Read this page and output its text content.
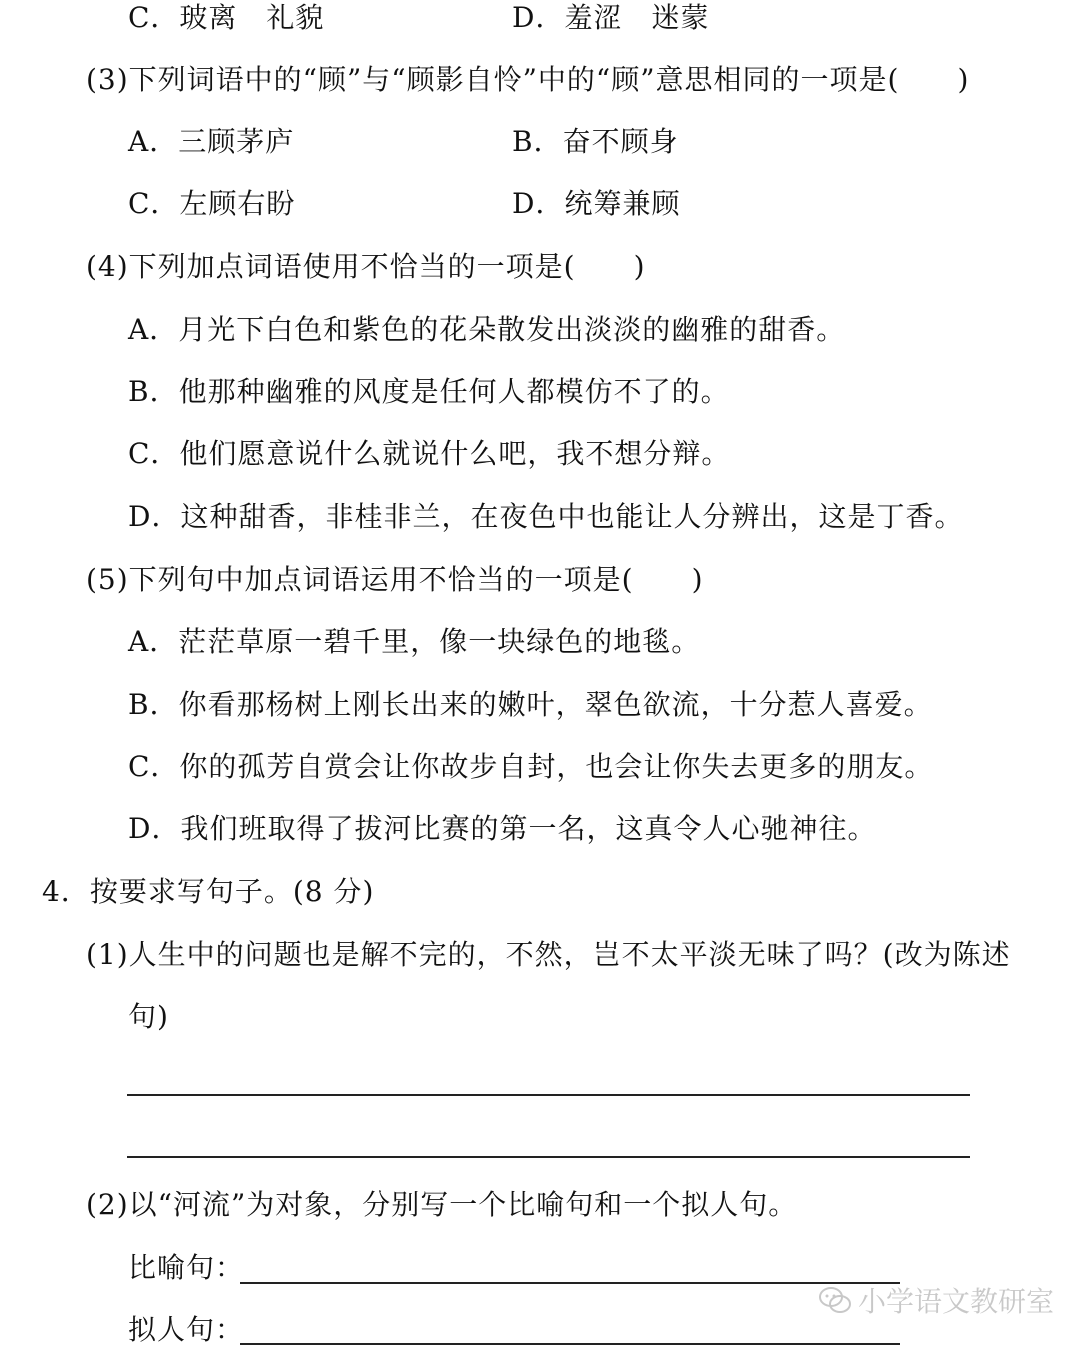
C．玻离　礼貌	D．羞涩　迷蒙
(3)下列词语中的“顾”与“顾影自怜”中的“顾”意思相同的一项是(　　)
A．三顾茅庐	B．奋不顾身
C．左顾右盼	D．统筹兼顾
(4)下列加点词语使用不恰当的一项是(　　)
A．月光下白色和紫色的花朵散发出淡淡的幽雅的甜香。
B．他那种幽雅的风度是任何人都模仿不了的。
C．他们愿意说什么就说什么吧，我不想分辩。
D．这种甜香，非桂非兰，在夜色中也能让人分辨出，这是丁香。
(5)下列句中加点词语运用不恰当的一项是(　　)
A．茫茫草原一碧千里，像一块绿色的地毯。
B．你看那杨树上刚长出来的嫩叶，翠色欲流，十分惹人喜爱。
C．你的孤芳自赏会让你故步自封，也会让你失去更多的朋友。
D．我们班取得了拔河比赛的第一名，这真令人心驰神往。
4．按要求写句子。(8 分)
(1)人生中的问题也是解不完的，不然，岂不太平淡无味了吗？(改为陈述
句)
(2)以“河流”为对象，分别写一个比喻句和一个拟人句。
比喻句：
拟人句：
小学语文教研室
